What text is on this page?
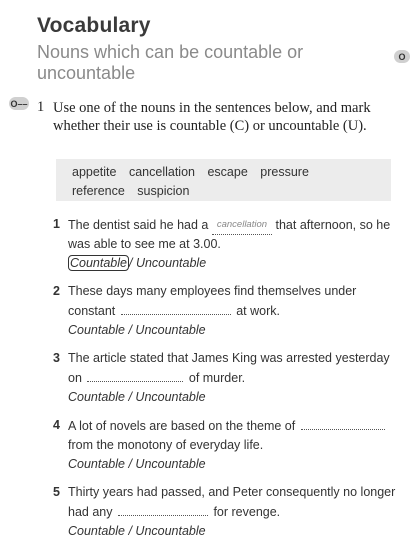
Vocabulary
Nouns which can be countable or uncountable
O
O–– 1 Use one of the nouns in the sentences below, and mark whether their use is countable (C) or uncountable (U).
appetite cancellation escape pressure
reference suspicion
1 The dentist said he had a cancellation that afternoon, so he was able to see me at 3.00.
Countable / Uncountable
2 These days many employees find themselves under constant	at work.
Countable / Uncountable
3 The article stated that James King was arrested yesterday on	of murder.
Countable / Uncountable
4 A lot of novels are based on the theme of  from the monotony of everyday life.
Countable / Uncountable
5 Thirty years had passed, and Peter consequently no longer had any	for revenge.
Countable / Uncountable
